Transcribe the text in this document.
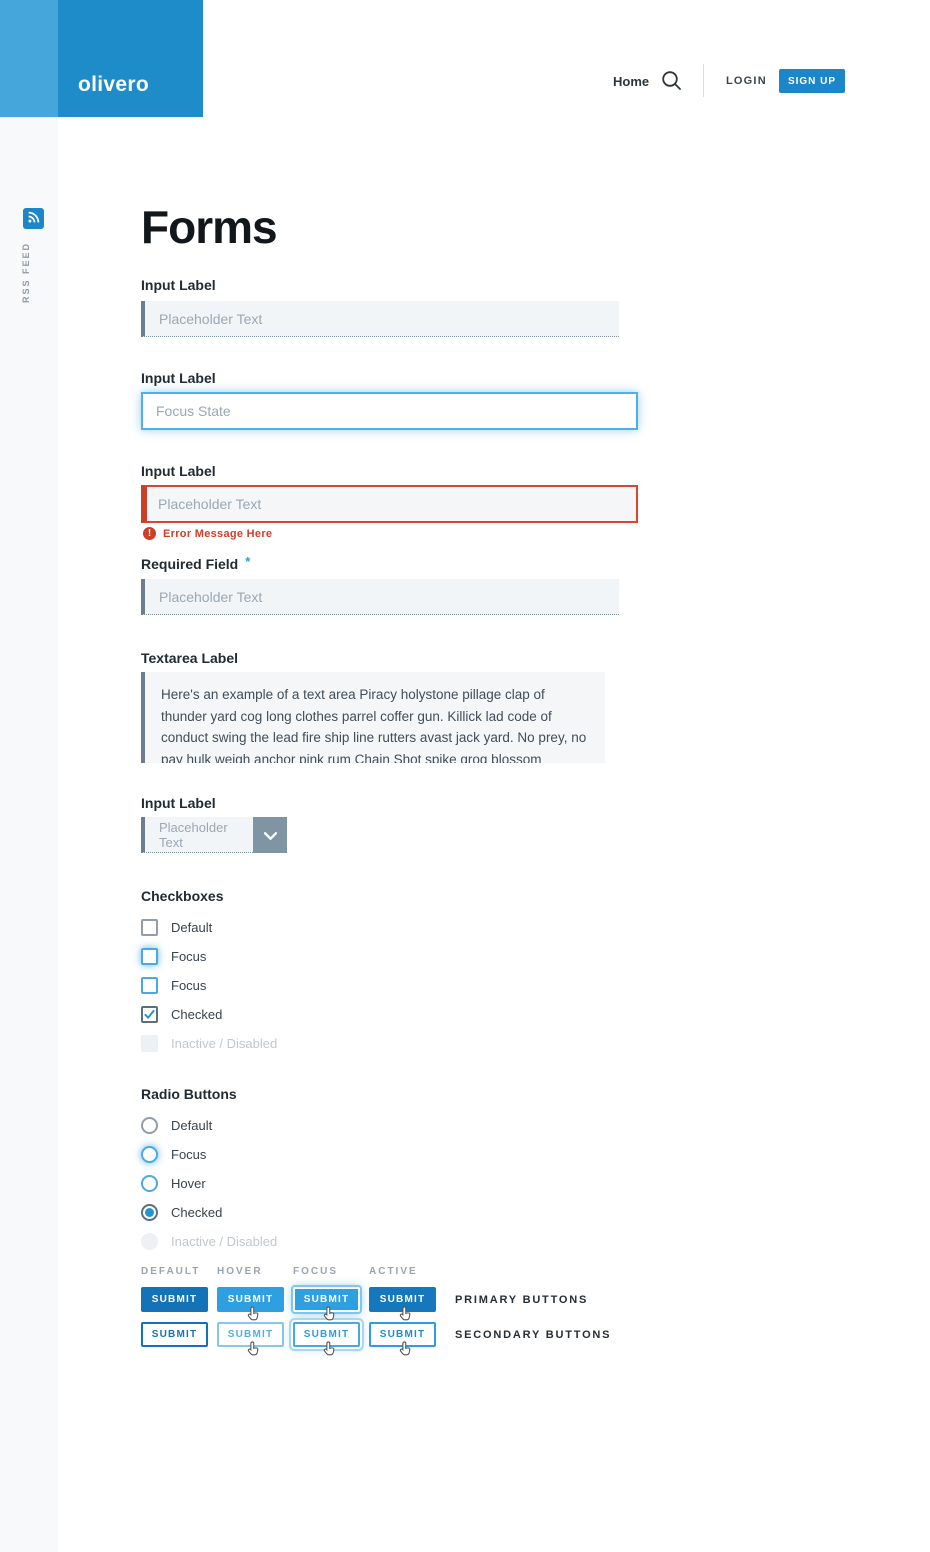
olivero	Home	LOGIN	SIGN UP
RSS FEED
Forms
Input Label
Placeholder Text
Input Label
Focus State
Input Label
Placeholder Text
!	Error Message Here
Required Field *
Placeholder Text
Textarea Label
Here's an example of a text area Piracy holystone pillage clap of thunder yard cog long clothes parrel coffer gun. Killick lad code of conduct swing the lead fire ship line rutters avast jack yard. No prey, no pay hulk weigh anchor pink rum Chain Shot spike grog blossom hempen halter crow's nest.
Input Label
Placeholder Text
Checkboxes
Default
Focus
Focus
Checked
Inactive / Disabled
Radio Buttons
Default
Focus
Hover
Checked
Inactive / Disabled
DEFAULT	HOVER	FOCUS	ACTIVE
SUBMIT	SUBMIT	SUBMIT	SUBMIT	PRIMARY BUTTONS
SUBMIT	SUBMIT	SUBMIT	SUBMIT	SECONDARY BUTTONS
